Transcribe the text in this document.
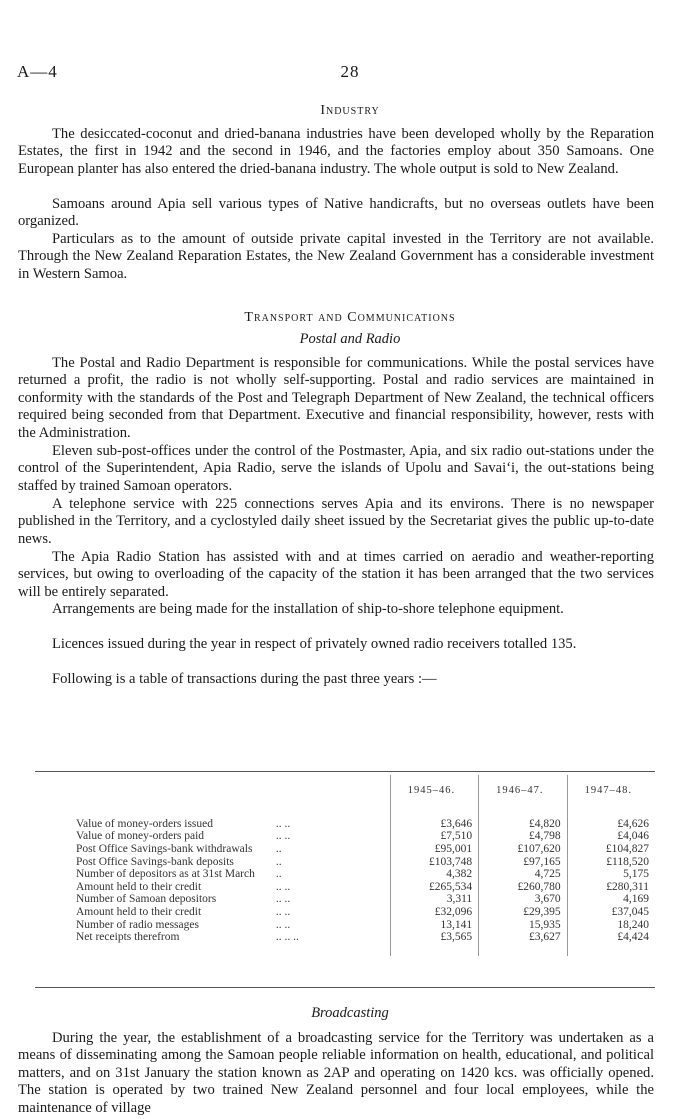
A—4	28
Industry

The desiccated-coconut and dried-banana industries have been developed wholly by the Reparation Estates, the first in 1942 and the second in 1946, and the factories employ about 350 Samoans. One European planter has also entered the dried-banana industry. The whole output is sold to New Zealand.

Samoans around Apia sell various types of Native handicrafts, but no overseas outlets have been organized.

Particulars as to the amount of outside private capital invested in the Territory are not available. Through the New Zealand Reparation Estates, the New Zealand Government has a considerable investment in Western Samoa.

Transport and Communications
Postal and Radio

The Postal and Radio Department is responsible for communications. While the postal services have returned a profit, the radio is not wholly self-supporting. Postal and radio services are maintained in conformity with the standards of the Post and Telegraph Department of New Zealand, the technical officers required being seconded from that Department. Executive and financial responsibility, however, rests with the Administration.

Eleven sub-post-offices under the control of the Postmaster, Apia, and six radio out-stations under the control of the Superintendent, Apia Radio, serve the islands of Upolu and Savai‘i, the out-stations being staffed by trained Samoan operators.

A telephone service with 225 connections serves Apia and its environs. There is no newspaper published in the Territory, and a cyclostyled daily sheet issued by the Secretariat gives the public up-to-date news.

The Apia Radio Station has assisted with and at times carried on aeradio and weather-reporting services, but owing to overloading of the capacity of the station it has been arranged that the two services will be entirely separated.

Arrangements are being made for the installation of ship-to-shore telephone equipment.

Licences issued during the year in respect of privately owned radio receivers totalled 135.

Following is a table of transactions during the past three years :—

		1945–46.	1946–47.	1947–48.

Value of money-orders issued	.. ..	£3,646	£4,820	£4,626
Value of money-orders paid	.. ..	£7,510	£4,798	£4,046
Post Office Savings-bank withdrawals	..	£95,001	£107,620	£104,827
Post Office Savings-bank deposits	..	£103,748	£97,165	£118,520
Number of depositors as at 31st March	..	4,382	4,725	5,175
Amount held to their credit	.. ..	£265,534	£260,780	£280,311
Number of Samoan depositors	.. ..	3,311	3,670	4,169
Amount held to their credit	.. ..	£32,096	£29,395	£37,045
Number of radio messages	.. ..	13,141	15,935	18,240
Net receipts therefrom	.. .. ..	£3,565	£3,627	£4,424

Broadcasting

During the year, the establishment of a broadcasting service for the Territory was undertaken as a means of disseminating among the Samoan people reliable information on health, educational, and political matters, and on 31st January the station known as 2AP and operating on 1420 kcs. was officially opened. The station is operated by two trained New Zealand personnel and four local employees, while the maintenance of village
